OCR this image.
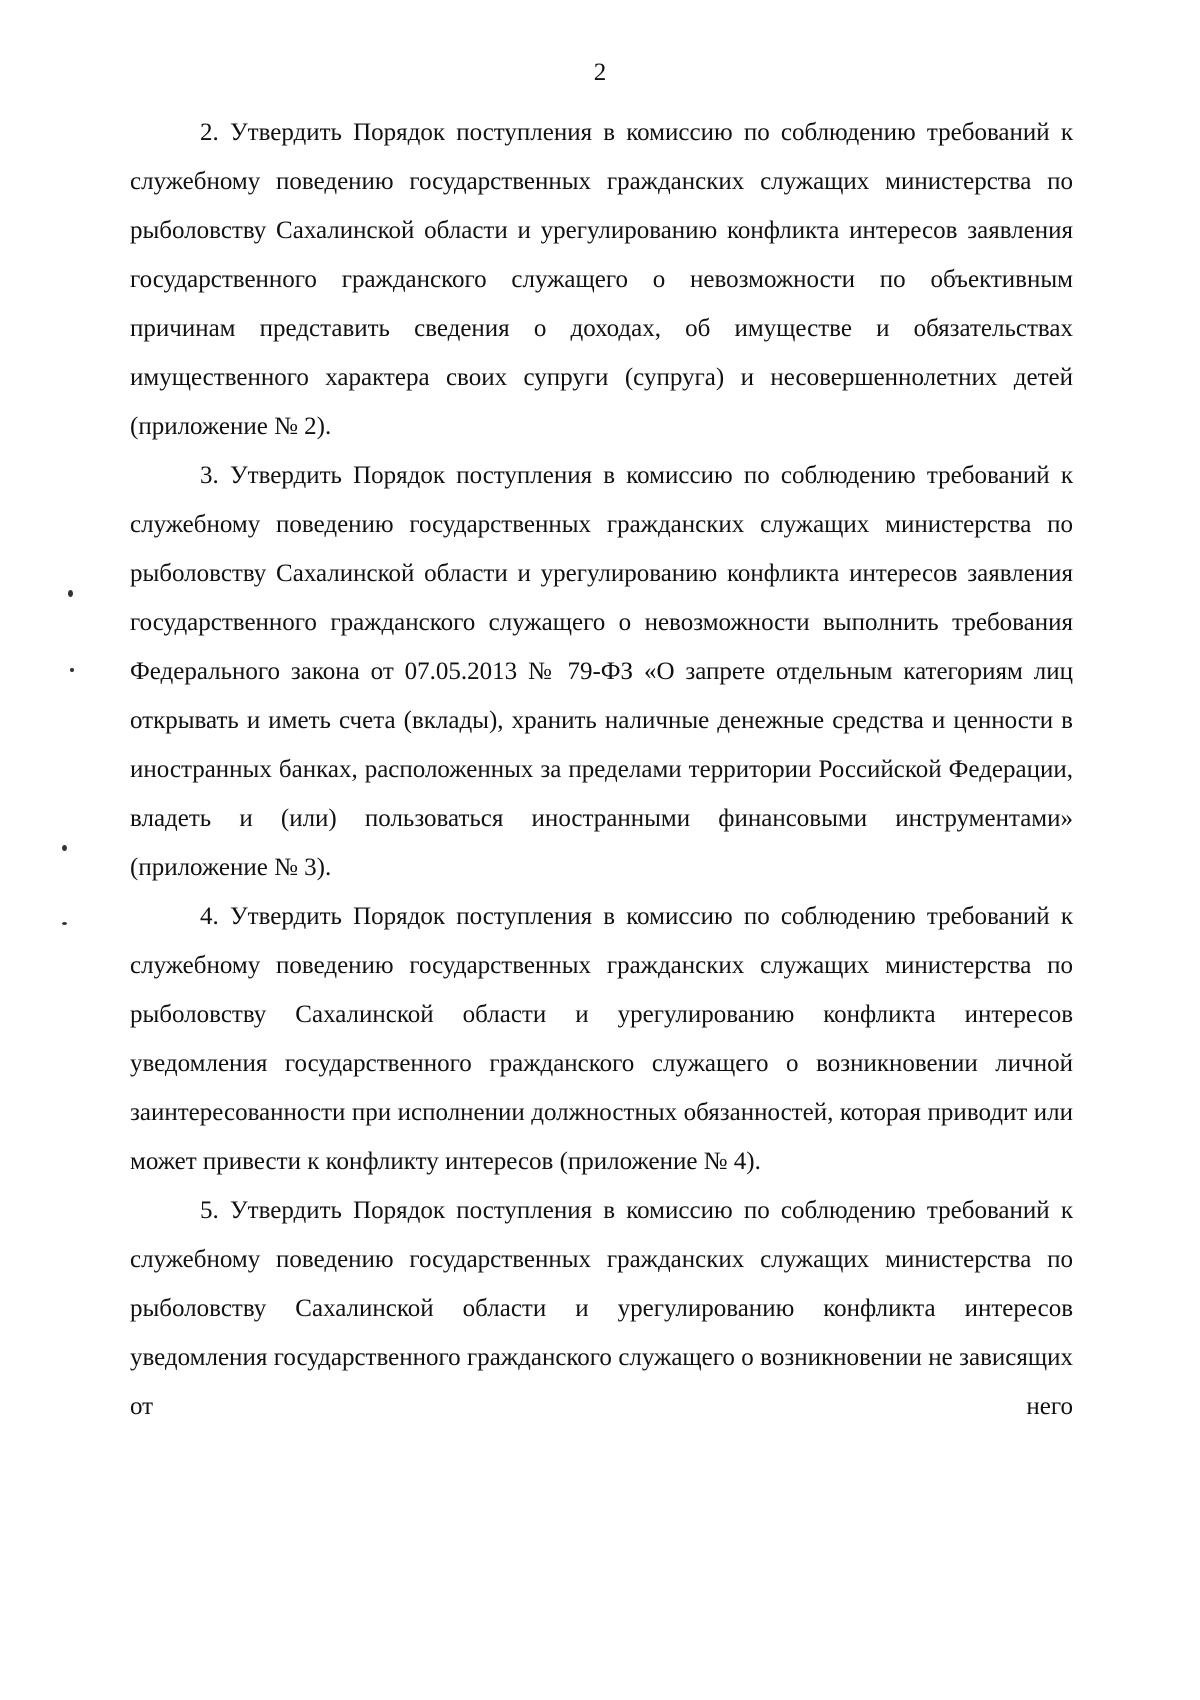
2

2. Утвердить Порядок поступления в комиссию по соблюдению требований к служебному поведению государственных гражданских служащих министерства по рыболовству Сахалинской области и урегулированию конфликта интересов заявления государственного гражданского служащего о невозможности по объективным причинам представить сведения о доходах, об имуществе и обязательствах имущественного характера своих супруги (супруга) и несовершеннолетних детей (приложение № 2).

3. Утвердить Порядок поступления в комиссию по соблюдению требований к служебному поведению государственных гражданских служащих министерства по рыболовству Сахалинской области и урегулированию конфликта интересов заявления государственного гражданского служащего о невозможности выполнить требования Федерального закона от 07.05.2013 № 79-ФЗ «О запрете отдельным категориям лиц открывать и иметь счета (вклады), хранить наличные денежные средства и ценности в иностранных банках, расположенных за пределами территории Российской Федерации, владеть и (или) пользоваться иностранными финансовыми инструментами» (приложение № 3).

4. Утвердить Порядок поступления в комиссию по соблюдению требований к служебному поведению государственных гражданских служащих министерства по рыболовству Сахалинской области и урегулированию конфликта интересов уведомления государственного гражданского служащего о возникновении личной заинтересованности при исполнении должностных обязанностей, которая приводит или может привести к конфликту интересов (приложение № 4).

5. Утвердить Порядок поступления в комиссию по соблюдению требований к служебному поведению государственных гражданских служащих министерства по рыболовству Сахалинской области и урегулированию конфликта интересов уведомления государственного гражданского служащего о возникновении не зависящих от него
